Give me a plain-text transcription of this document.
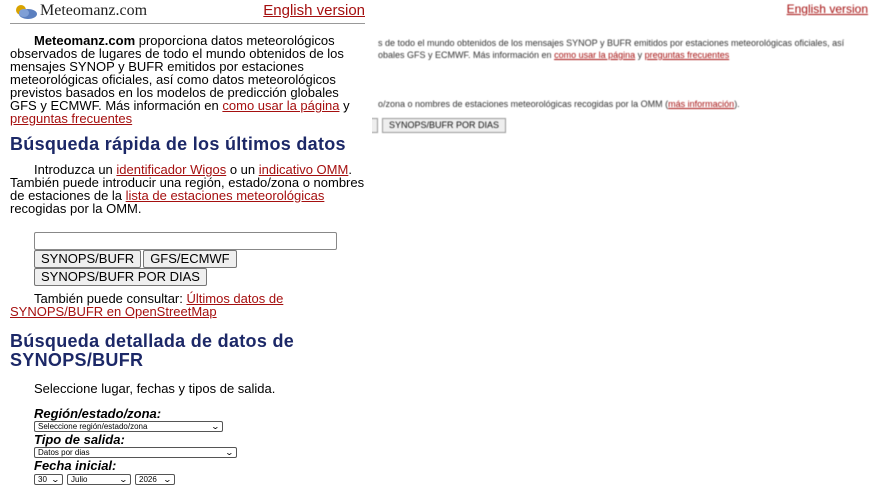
English version
s de todo el mundo obtenidos de los mensajes SYNOP y BUFR emitidos por estaciones meteorológicas oficiales, así
obales GFS y ECMWF. Más información en como usar la página y preguntas frecuentes
o/zona o nombres de estaciones meteorológicas recogidas por la OMM (más información).
SYNOPS/BUFR POR DIAS
Meteomanz.com	English version

Meteomanz.com proporciona datos meteorológicos observados de lugares de todo el mundo obtenidos de los mensajes SYNOP y BUFR emitidos por estaciones meteorológicas oficiales, así como datos meteorológicos previstos basados en los modelos de predicción globales GFS y ECMWF. Más información en como usar la página y preguntas frecuentes

Búsqueda rápida de los últimos datos

Introduzca un identificador Wigos o un indicativo OMM. También puede introducir una región, estado/zona o nombres de estaciones de la lista de estaciones meteorológicas recogidas por la OMM.

SYNOPS/BUFR GFS/ECMWF
SYNOPS/BUFR POR DIAS

También puede consultar: Últimos datos de SYNOPS/BUFR en OpenStreetMap

Búsqueda detallada de datos de SYNOPS/BUFR

Seleccione lugar, fechas y tipos de salida.

Región/estado/zona:
Seleccione región/estado/zona	⌄
Tipo de salida:
Datos por dias	⌄
Fecha inicial:
30 ⌄ Julio	⌄ 2026 ⌄
